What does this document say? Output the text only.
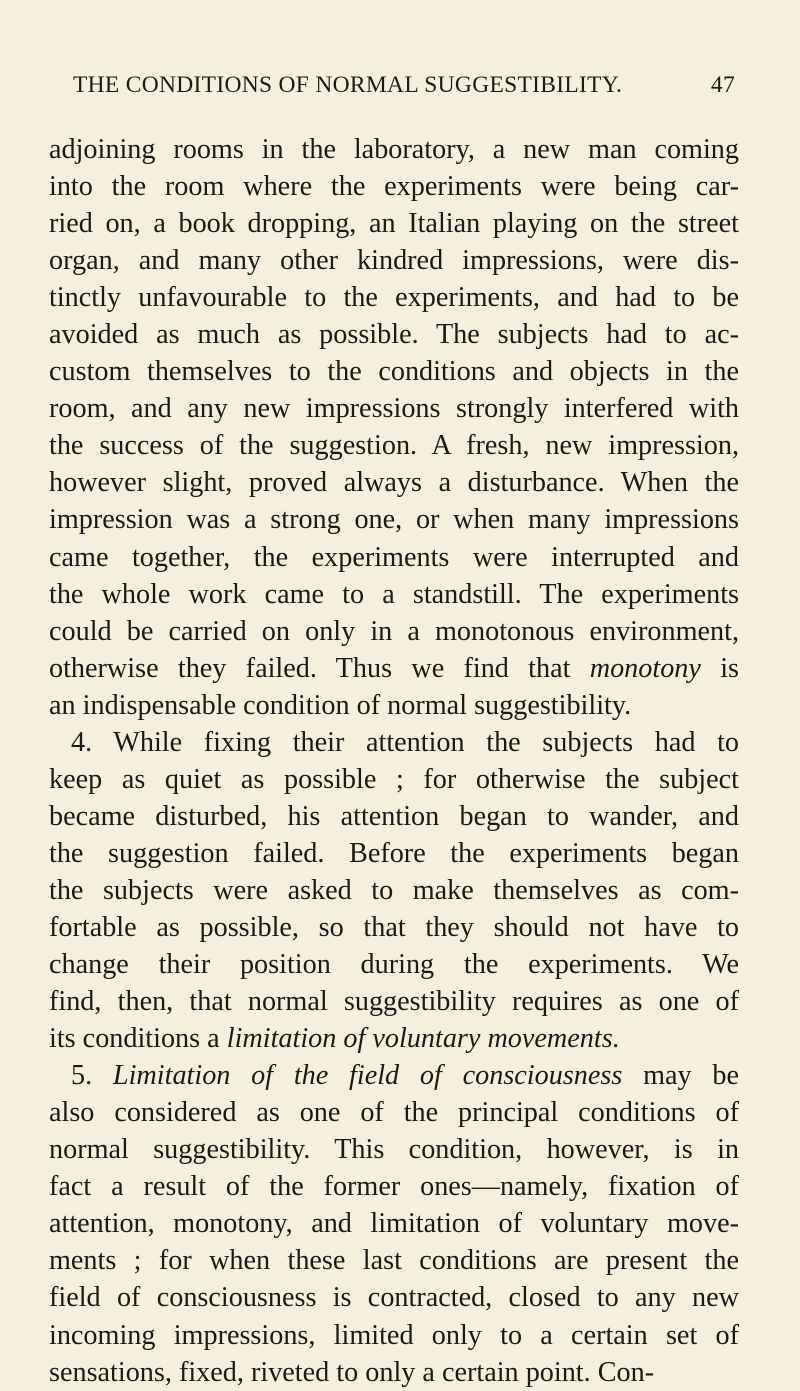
THE CONDITIONS OF NORMAL SUGGESTIBILITY.	47
adjoining rooms in the laboratory, a new man coming
into the room where the experiments were being car-
ried on, a book dropping, an Italian playing on the street
organ, and many other kindred impressions, were dis-
tinctly unfavourable to the experiments, and had to be
avoided as much as possible. The subjects had to ac-
custom themselves to the conditions and objects in the
room, and any new impressions strongly interfered with
the success of the suggestion. A fresh, new impression,
however slight, proved always a disturbance. When the
impression was a strong one, or when many impressions
came together, the experiments were interrupted and
the whole work came to a standstill. The experiments
could be carried on only in a monotonous environment,
otherwise they failed. Thus we find that monotony is
an indispensable condition of normal suggestibility.
4. While fixing their attention the subjects had to
keep as quiet as possible ; for otherwise the subject
became disturbed, his attention began to wander, and
the suggestion failed. Before the experiments began
the subjects were asked to make themselves as com-
fortable as possible, so that they should not have to
change their position during the experiments. We
find, then, that normal suggestibility requires as one of
its conditions a limitation of voluntary movements.
5. Limitation of the field of consciousness may be
also considered as one of the principal conditions of
normal suggestibility. This condition, however, is in
fact a result of the former ones—namely, fixation of
attention, monotony, and limitation of voluntary move-
ments ; for when these last conditions are present the
field of consciousness is contracted, closed to any new
incoming impressions, limited only to a certain set of
sensations, fixed, riveted to only a certain point. Con-
